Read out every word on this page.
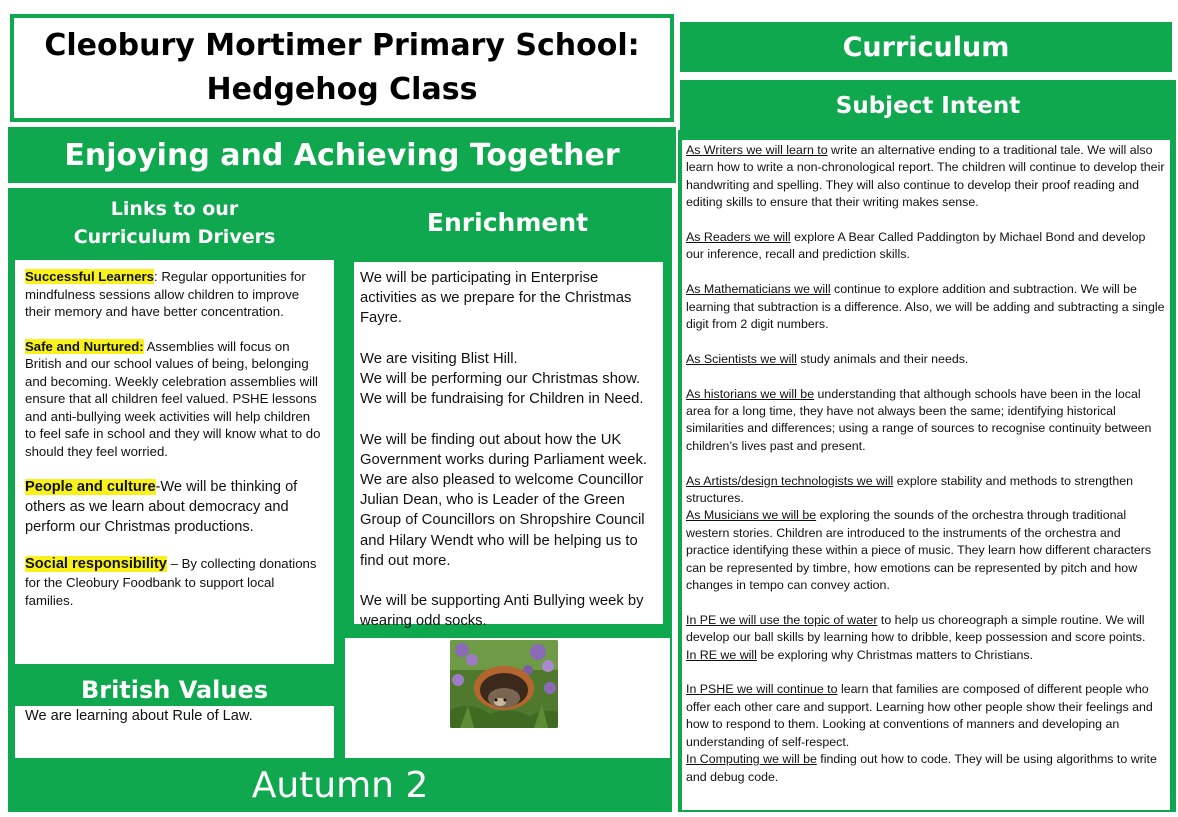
Cleobury Mortimer Primary School:
Hedgehog Class
Enjoying and Achieving Together
Links to our
Curriculum Drivers
Successful Learners: Regular opportunities for mindfulness sessions allow children to improve their memory and have better concentration.
Safe and Nurtured: Assemblies will focus on British and our school values of being, belonging and becoming. Weekly celebration assemblies will ensure that all children feel valued. PSHE lessons and anti-bullying week activities will help children to feel safe in school and they will know what to do should they feel worried.
People and culture-We will be thinking of others as we learn about democracy and perform our Christmas productions.
Social responsibility – By collecting donations for the Cleobury Foodbank to support local families.
British Values
We are learning about Rule of Law.
Enrichment
We will be participating in Enterprise activities as we prepare for the Christmas Fayre.
We are visiting Blist Hill.
We will be performing our Christmas show.
We will be fundraising for Children in Need.
We will be finding out about how the UK Government works during Parliament week. We are also pleased to welcome Councillor Julian Dean, who is Leader of the Green Group of Councillors on Shropshire Council and Hilary Wendt who will be helping us to find out more.
We will be supporting Anti Bullying week by wearing odd socks.
Autumn 2
Curriculum
Subject Intent
As Writers we will learn to write an alternative ending to a traditional tale. We will also learn how to write a non-chronological report. The children will continue to develop their handwriting and spelling. They will also continue to develop their proof reading and editing skills to ensure that their writing makes sense.
As Readers we will explore A Bear Called Paddington by Michael Bond and develop our inference, recall and prediction skills.
As Mathematicians we will continue to explore addition and subtraction. We will be learning that subtraction is a difference. Also, we will be adding and subtracting a single digit from 2 digit numbers.
As Scientists we will study animals and their needs.
As historians we will be understanding that although schools have been in the local area for a long time, they have not always been the same; identifying historical similarities and differences; using a range of sources to recognise continuity between children’s lives past and present.
As Artists/design technologists we will explore stability and methods to strengthen structures.
As Musicians we will be exploring the sounds of the orchestra through traditional western stories. Children are introduced to the instruments of the orchestra and practice identifying these within a piece of music. They learn how different characters can be represented by timbre, how emotions can be represented by pitch and how changes in tempo can convey action.
In PE we will use the topic of water to help us choreograph a simple routine. We will develop our ball skills by learning how to dribble, keep possession and score points.
In RE we will be exploring why Christmas matters to Christians.
In PSHE we will continue to learn that families are composed of different people who offer each other care and support. Learning how other people show their feelings and how to respond to them. Looking at conventions of manners and developing an understanding of self-respect.
In Computing we will be finding out how to code. They will be using algorithms to write and debug code.
